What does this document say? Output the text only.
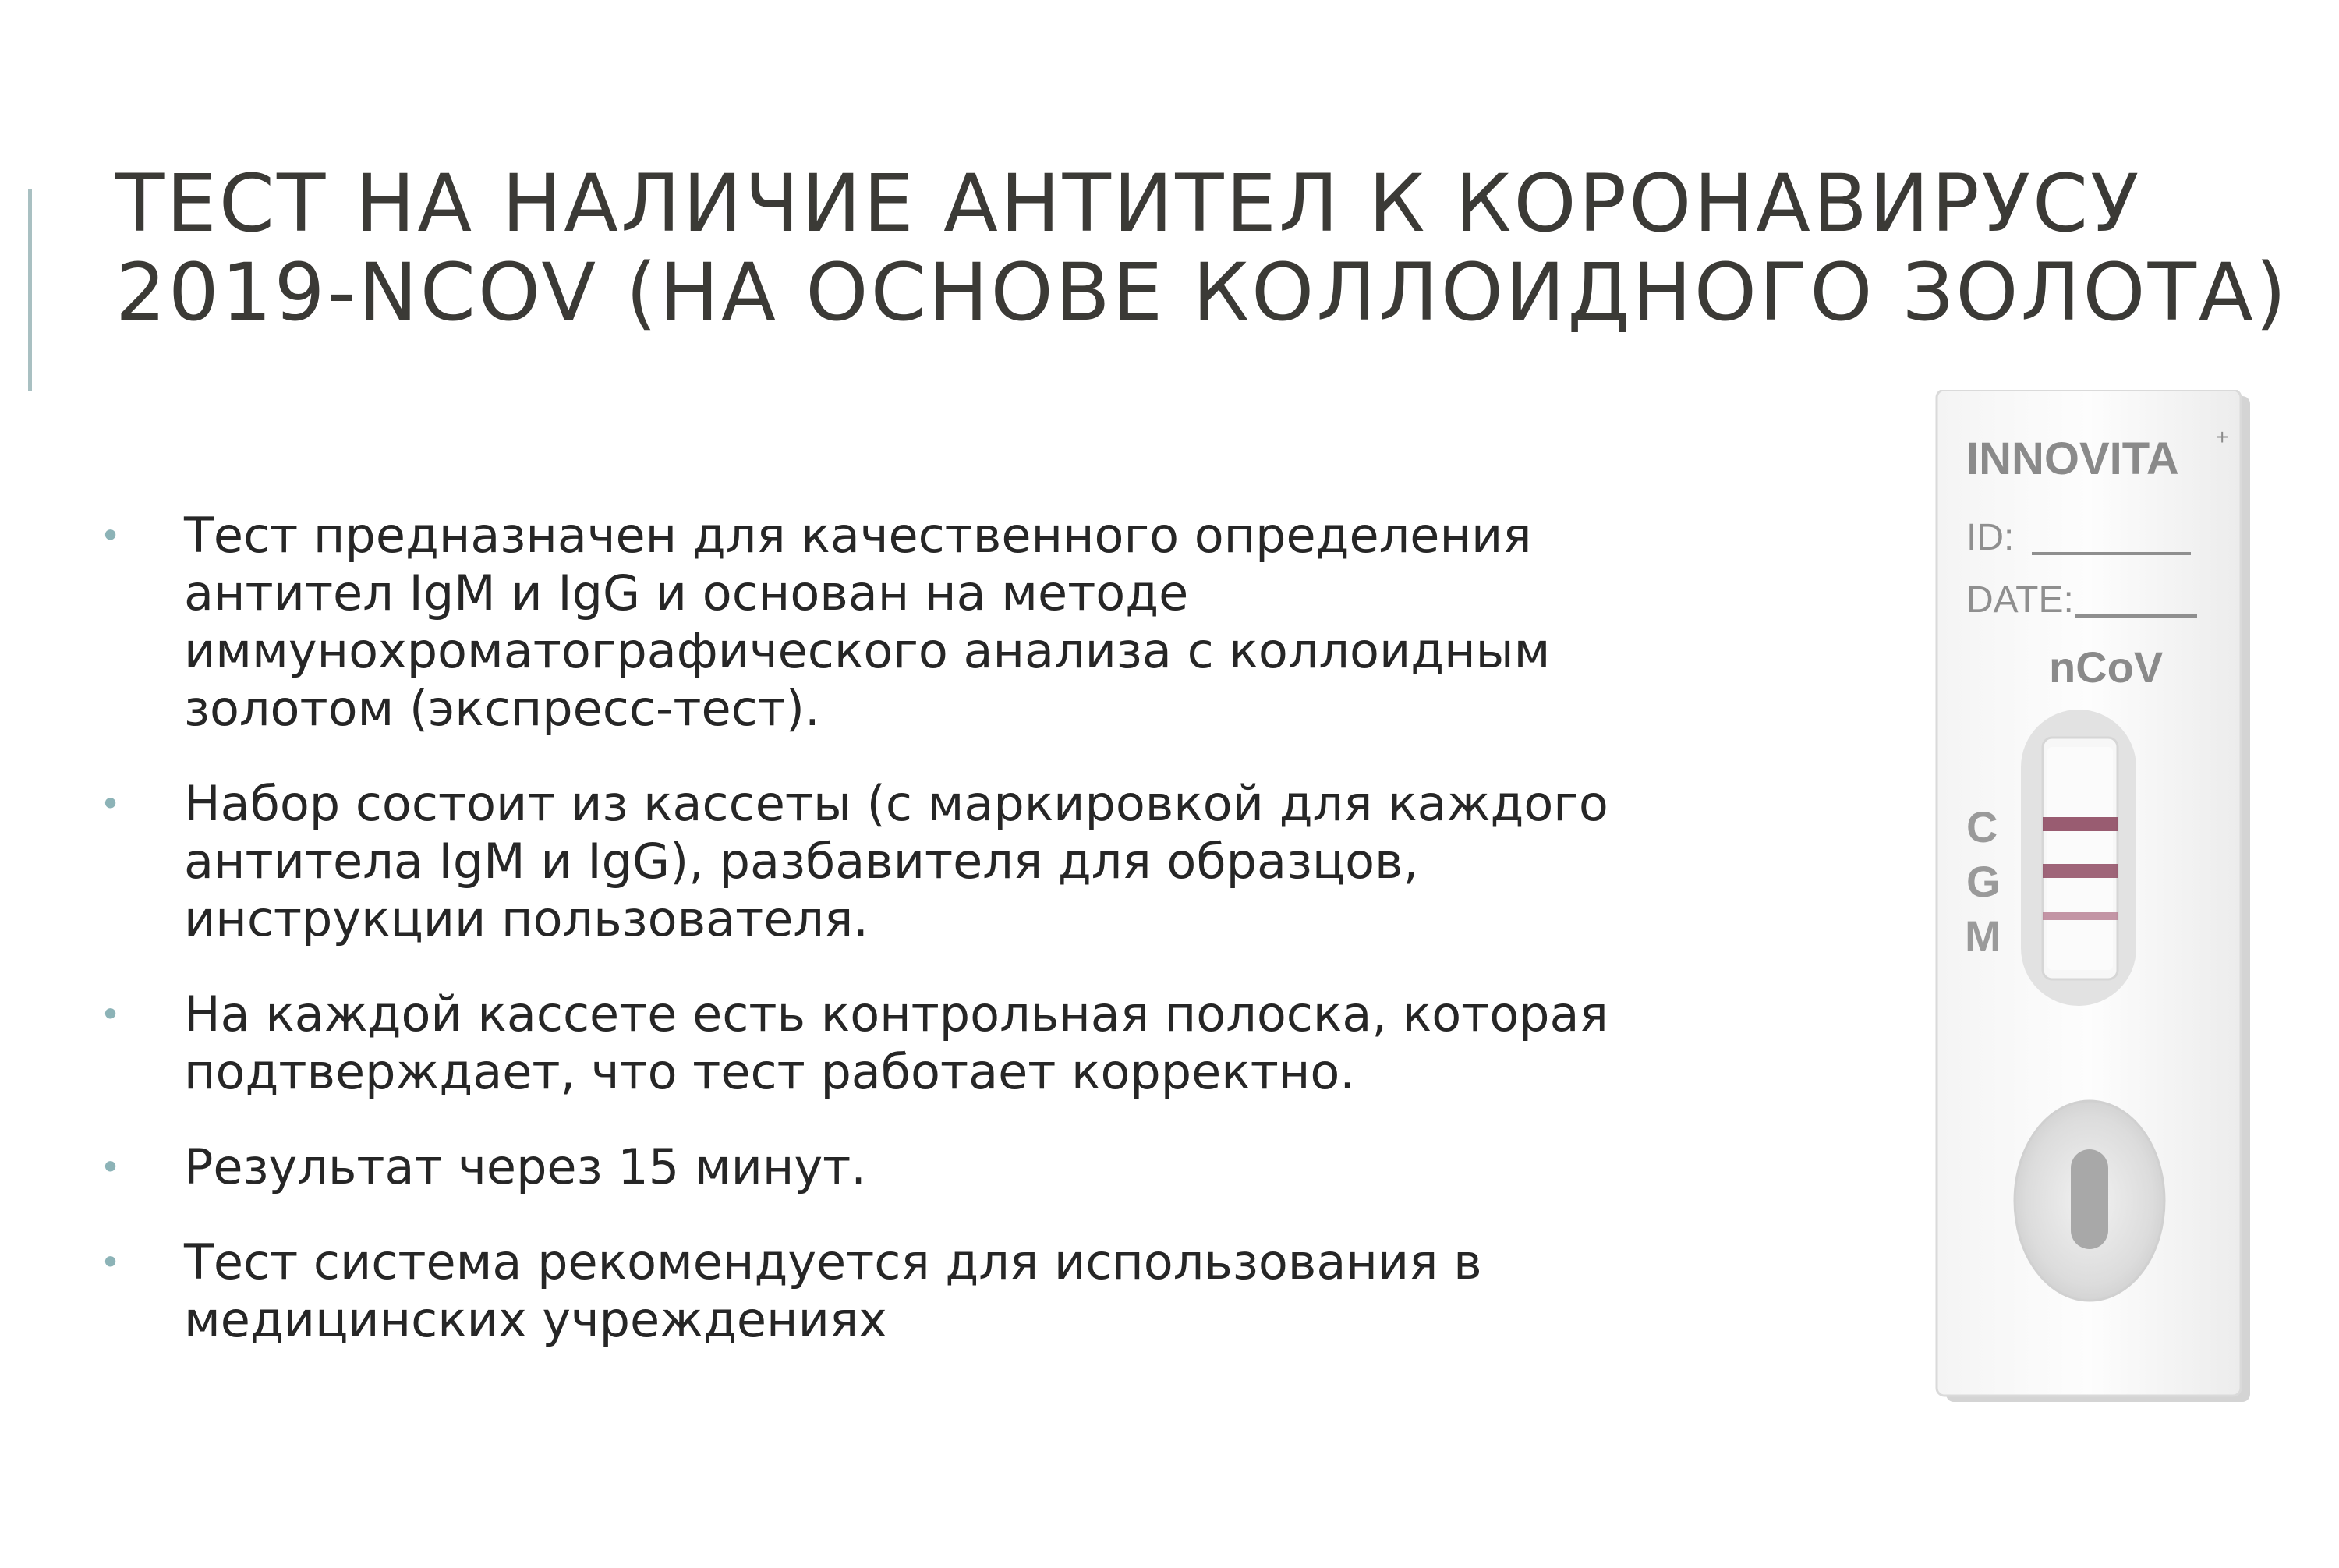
ТЕСТ НА НАЛИЧИЕ АНТИТЕЛ К КОРОНАВИРУСУ
2019-NCOV (НА ОСНОВЕ КОЛЛОИДНОГО ЗОЛОТА)
• Тест предназначен для качественного определения
антител IgM и IgG и основан на методе
иммунохроматографического анализа с коллоидным
золотом (экспресс-тест).
• Набор состоит из кассеты (с маркировкой для каждого
антитела IgM и IgG), разбавителя для образцов,
инструкции пользователя.
• На каждой кассете есть контрольная полоска, которая
подтверждает, что тест работает корректно.
• Результат через 15 минут.
• Тест система рекомендуется для использования в
медицинских учреждениях
INNOVITA +
ID:
DATE:
nCoV
C
G
M
